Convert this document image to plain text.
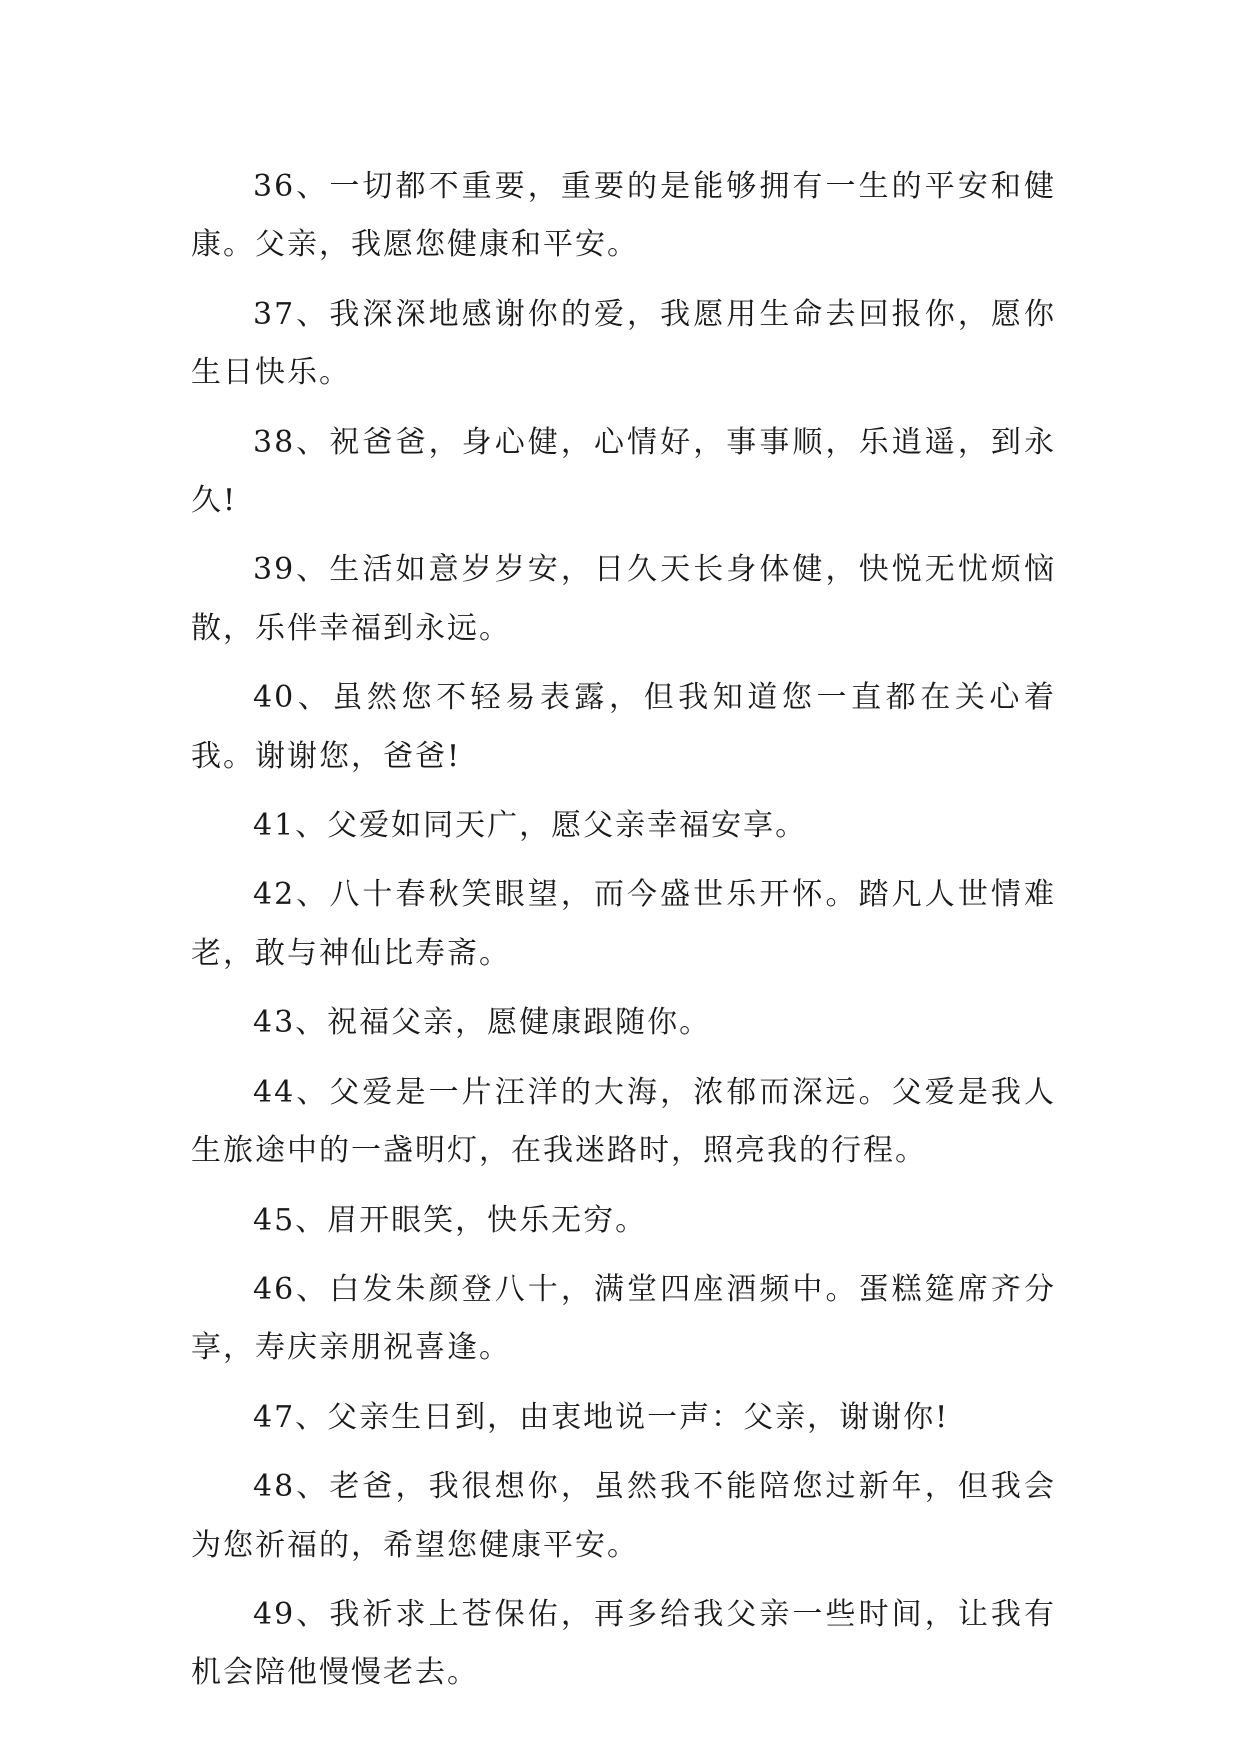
36、一切都不重要，重要的是能够拥有一生的平安和健康。父亲，我愿您健康和平安。

37、我深深地感谢你的爱，我愿用生命去回报你，愿你生日快乐。

38、祝爸爸，身心健，心情好，事事顺，乐逍遥，到永久!

39、生活如意岁岁安，日久天长身体健，快悦无忧烦恼散，乐伴幸福到永远。

40、虽然您不轻易表露，但我知道您一直都在关心着我。谢谢您，爸爸!

41、父爱如同天广，愿父亲幸福安享。

42、八十春秋笑眼望，而今盛世乐开怀。踏凡人世情难老，敢与神仙比寿斋。

43、祝福父亲，愿健康跟随你。

44、父爱是一片汪洋的大海，浓郁而深远。父爱是我人生旅途中的一盏明灯，在我迷路时，照亮我的行程。

45、眉开眼笑，快乐无穷。

46、白发朱颜登八十，满堂四座酒频中。蛋糕筵席齐分享，寿庆亲朋祝喜逢。

47、父亲生日到，由衷地说一声：父亲，谢谢你!

48、老爸，我很想你，虽然我不能陪您过新年，但我会为您祈福的，希望您健康平安。

49、我祈求上苍保佑，再多给我父亲一些时间，让我有机会陪他慢慢老去。
